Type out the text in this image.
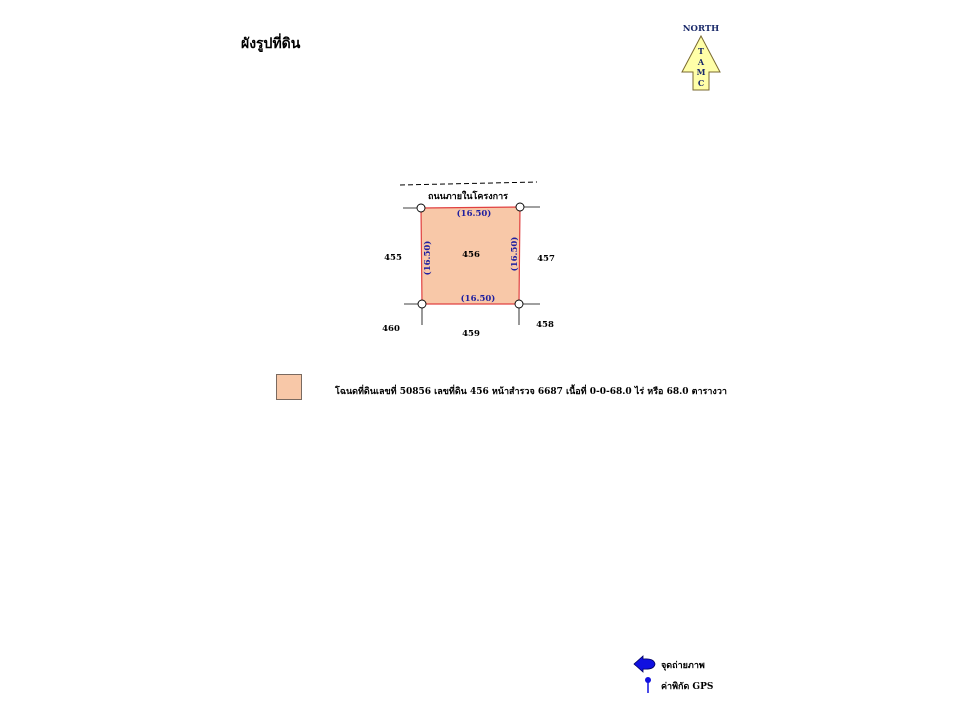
ผังรูปที่ดิน
NORTH
T
A
M
C
ถนนภายในโครงการ
(16.50)
(16.50)
(16.50)	(16.50)
456
455	457
459
460	458
โฉนดที่ดินเลขที่ 50856 เลขที่ดิน 456 หน้าสำรวจ 6687 เนื้อที่ 0-0-68.0 ไร่ หรือ 68.0 ตารางวา
จุดถ่ายภาพ
ค่าพิกัด GPS
